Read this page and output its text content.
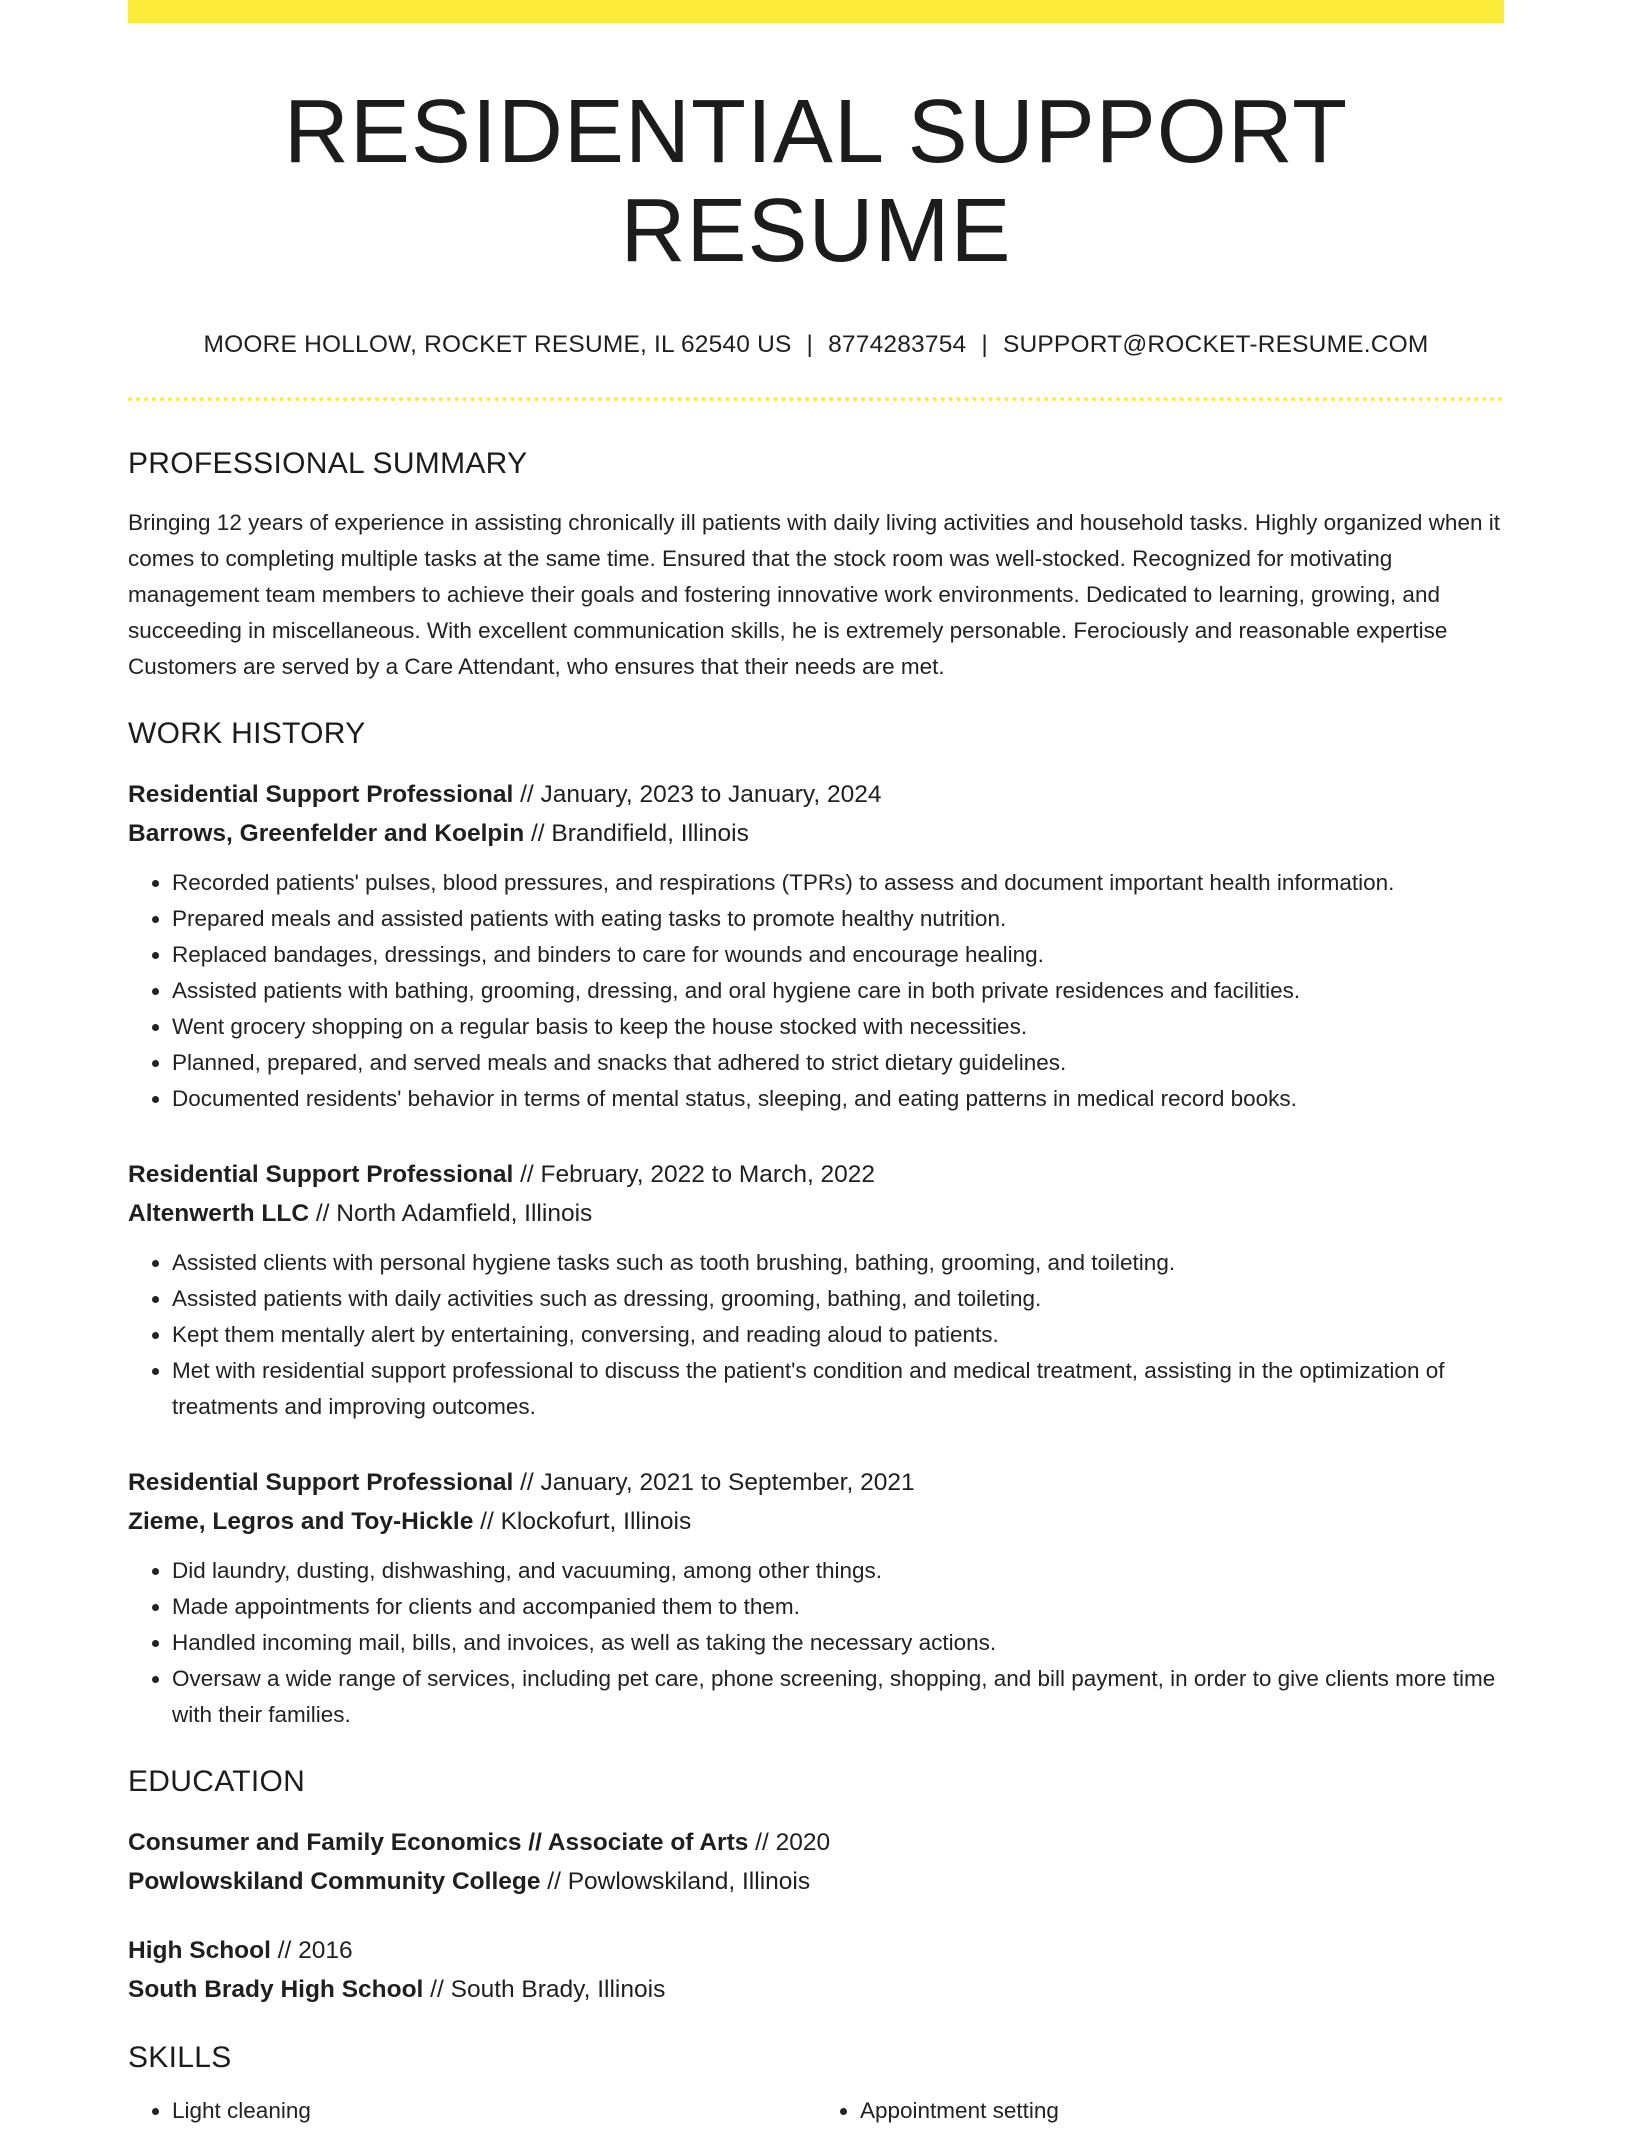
RESIDENTIAL SUPPORT RESUME
MOORE HOLLOW, ROCKET RESUME, IL 62540 US | 8774283754 | SUPPORT@ROCKET-RESUME.COM
PROFESSIONAL SUMMARY
Bringing 12 years of experience in assisting chronically ill patients with daily living activities and household tasks. Highly organized when it comes to completing multiple tasks at the same time. Ensured that the stock room was well-stocked. Recognized for motivating management team members to achieve their goals and fostering innovative work environments. Dedicated to learning, growing, and succeeding in miscellaneous. With excellent communication skills, he is extremely personable. Ferociously and reasonable expertise Customers are served by a Care Attendant, who ensures that their needs are met.
WORK HISTORY
Residential Support Professional // January, 2023 to January, 2024
Barrows, Greenfelder and Koelpin // Brandifield, Illinois
• Recorded patients' pulses, blood pressures, and respirations (TPRs) to assess and document important health information.
• Prepared meals and assisted patients with eating tasks to promote healthy nutrition.
• Replaced bandages, dressings, and binders to care for wounds and encourage healing.
• Assisted patients with bathing, grooming, dressing, and oral hygiene care in both private residences and facilities.
• Went grocery shopping on a regular basis to keep the house stocked with necessities.
• Planned, prepared, and served meals and snacks that adhered to strict dietary guidelines.
• Documented residents' behavior in terms of mental status, sleeping, and eating patterns in medical record books.
Residential Support Professional // February, 2022 to March, 2022
Altenwerth LLC // North Adamfield, Illinois
• Assisted clients with personal hygiene tasks such as tooth brushing, bathing, grooming, and toileting.
• Assisted patients with daily activities such as dressing, grooming, bathing, and toileting.
• Kept them mentally alert by entertaining, conversing, and reading aloud to patients.
• Met with residential support professional to discuss the patient's condition and medical treatment, assisting in the optimization of treatments and improving outcomes.
Residential Support Professional // January, 2021 to September, 2021
Zieme, Legros and Toy-Hickle // Klockofurt, Illinois
• Did laundry, dusting, dishwashing, and vacuuming, among other things.
• Made appointments for clients and accompanied them to them.
• Handled incoming mail, bills, and invoices, as well as taking the necessary actions.
• Oversaw a wide range of services, including pet care, phone screening, shopping, and bill payment, in order to give clients more time with their families.
EDUCATION
Consumer and Family Economics // Associate of Arts // 2020
Powlowskiland Community College // Powlowskiland, Illinois
High School // 2016
South Brady High School // South Brady, Illinois
SKILLS
• Light cleaning
•	Appointment setting
